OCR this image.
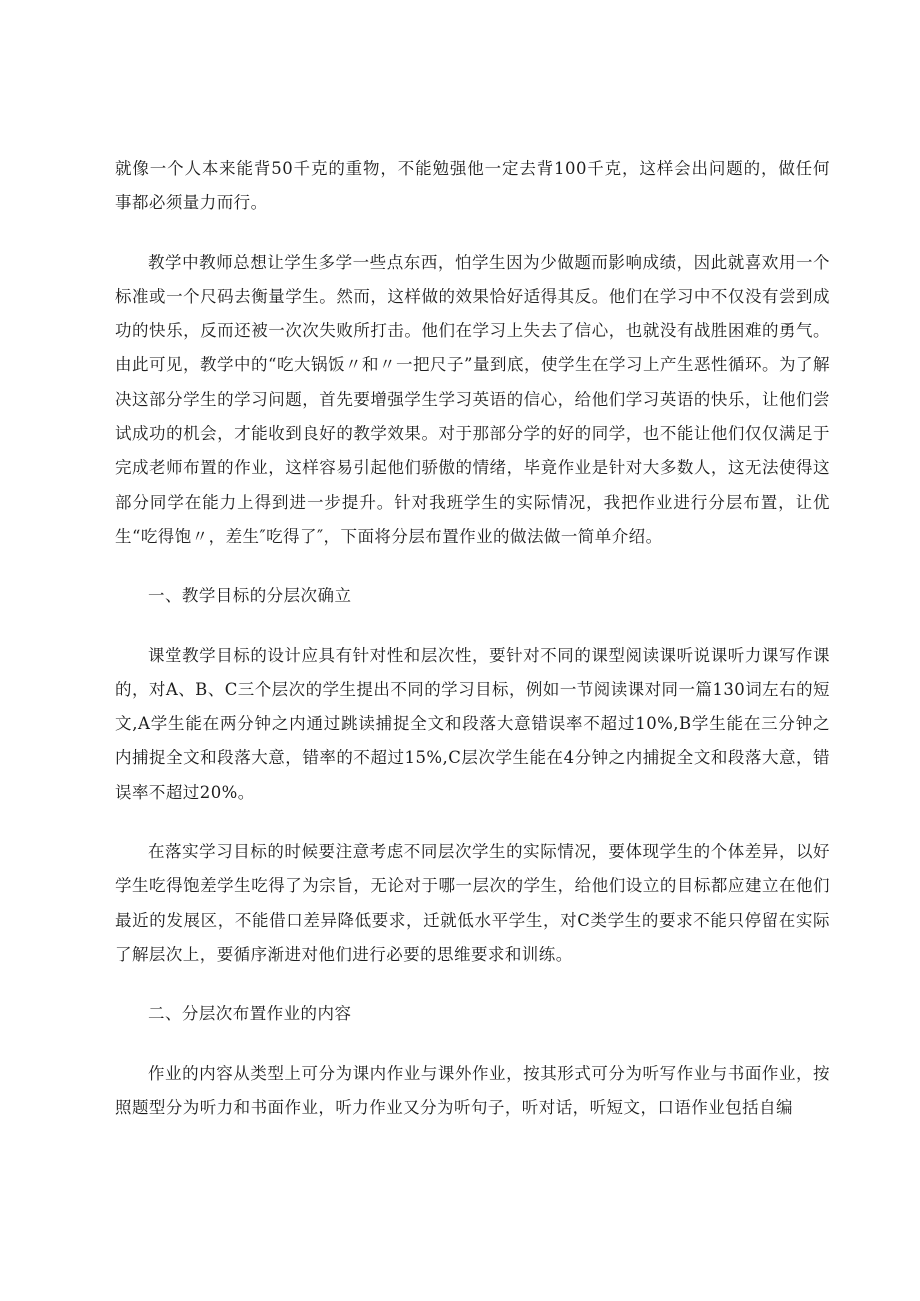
就像一个人本来能背50千克的重物，不能勉强他一定去背100千克，这样会出问题的，做任何事都必须量力而行。

教学中教师总想让学生多学一些点东西，怕学生因为少做题而影响成绩，因此就喜欢用一个标准或一个尺码去衡量学生。然而，这样做的效果恰好适得其反。他们在学习中不仅没有尝到成功的快乐，反而还被一次次失败所打击。他们在学习上失去了信心，也就没有战胜困难的勇气。由此可见，教学中的“吃大锅饭〃和〃一把尺子”量到底，使学生在学习上产生恶性循环。为了解决这部分学生的学习问题，首先要增强学生学习英语的信心，给他们学习英语的快乐，让他们尝试成功的机会，才能收到良好的教学效果。对于那部分学的好的同学，也不能让他们仅仅满足于完成老师布置的作业，这样容易引起他们骄傲的情绪，毕竟作业是针对大多数人，这无法使得这部分同学在能力上得到进一步提升。针对我班学生的实际情况，我把作业进行分层布置，让优生“吃得饱〃，差生″吃得了″，下面将分层布置作业的做法做一简单介绍。

一、教学目标的分层次确立

课堂教学目标的设计应具有针对性和层次性，要针对不同的课型阅读课听说课听力课写作课的，对A、B、C三个层次的学生提出不同的学习目标，例如一节阅读课对同一篇130词左右的短文,A学生能在两分钟之内通过跳读捕捉全文和段落大意错误率不超过10%,B学生能在三分钟之内捕捉全文和段落大意，错率的不超过15%,C层次学生能在4分钟之内捕捉全文和段落大意，错误率不超过20%。

在落实学习目标的时候要注意考虑不同层次学生的实际情况，要体现学生的个体差异，以好学生吃得饱差学生吃得了为宗旨，无论对于哪一层次的学生，给他们设立的目标都应建立在他们最近的发展区，不能借口差异降低要求，迁就低水平学生，对C类学生的要求不能只停留在实际了解层次上，要循序渐进对他们进行必要的思维要求和训练。

二、分层次布置作业的内容

作业的内容从类型上可分为课内作业与课外作业，按其形式可分为听写作业与书面作业，按照题型分为听力和书面作业，听力作业又分为听句子，听对话，听短文，口语作业包括自编
